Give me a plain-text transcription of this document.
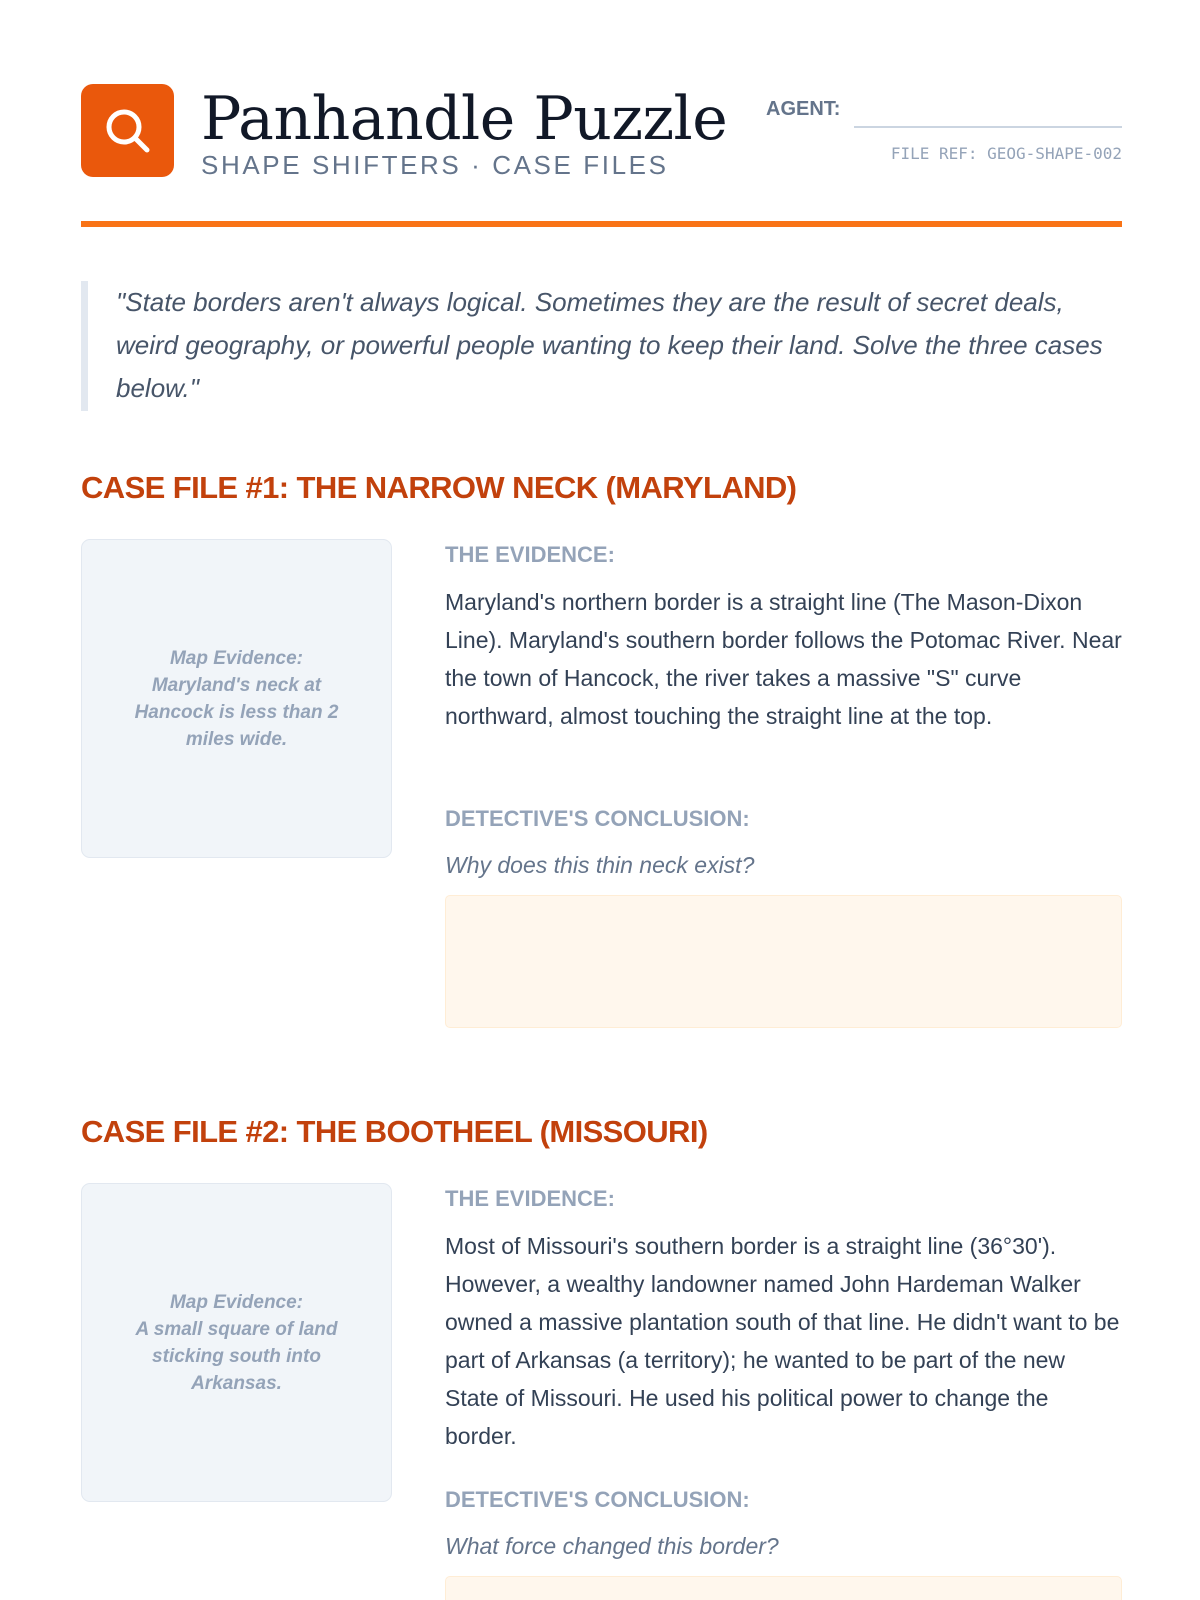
Panhandle Puzzle
SHAPE SHIFTERS · CASE FILES
AGENT:
FILE REF: GEOG-SHAPE-002

"State borders aren't always logical. Sometimes they are the result of secret deals, weird geography, or powerful people wanting to keep their land. Solve the three cases below."

CASE FILE #1: THE NARROW NECK (MARYLAND)
Map Evidence:
Maryland's neck at Hancock is less than 2 miles wide.
THE EVIDENCE:
Maryland's northern border is a straight line (The Mason-Dixon Line). Maryland's southern border follows the Potomac River. Near the town of Hancock, the river takes a massive "S" curve northward, almost touching the straight line at the top.
DETECTIVE'S CONCLUSION:
Why does this thin neck exist?
CASE FILE #2: THE BOOTHEEL (MISSOURI)
Map Evidence:
A small square of land sticking south into Arkansas.
THE EVIDENCE:
Most of Missouri's southern border is a straight line (36°30'). However, a wealthy landowner named John Hardeman Walker owned a massive plantation south of that line. He didn't want to be part of Arkansas (a territory); he wanted to be part of the new State of Missouri. He used his political power to change the border.
DETECTIVE'S CONCLUSION:
What force changed this border?
